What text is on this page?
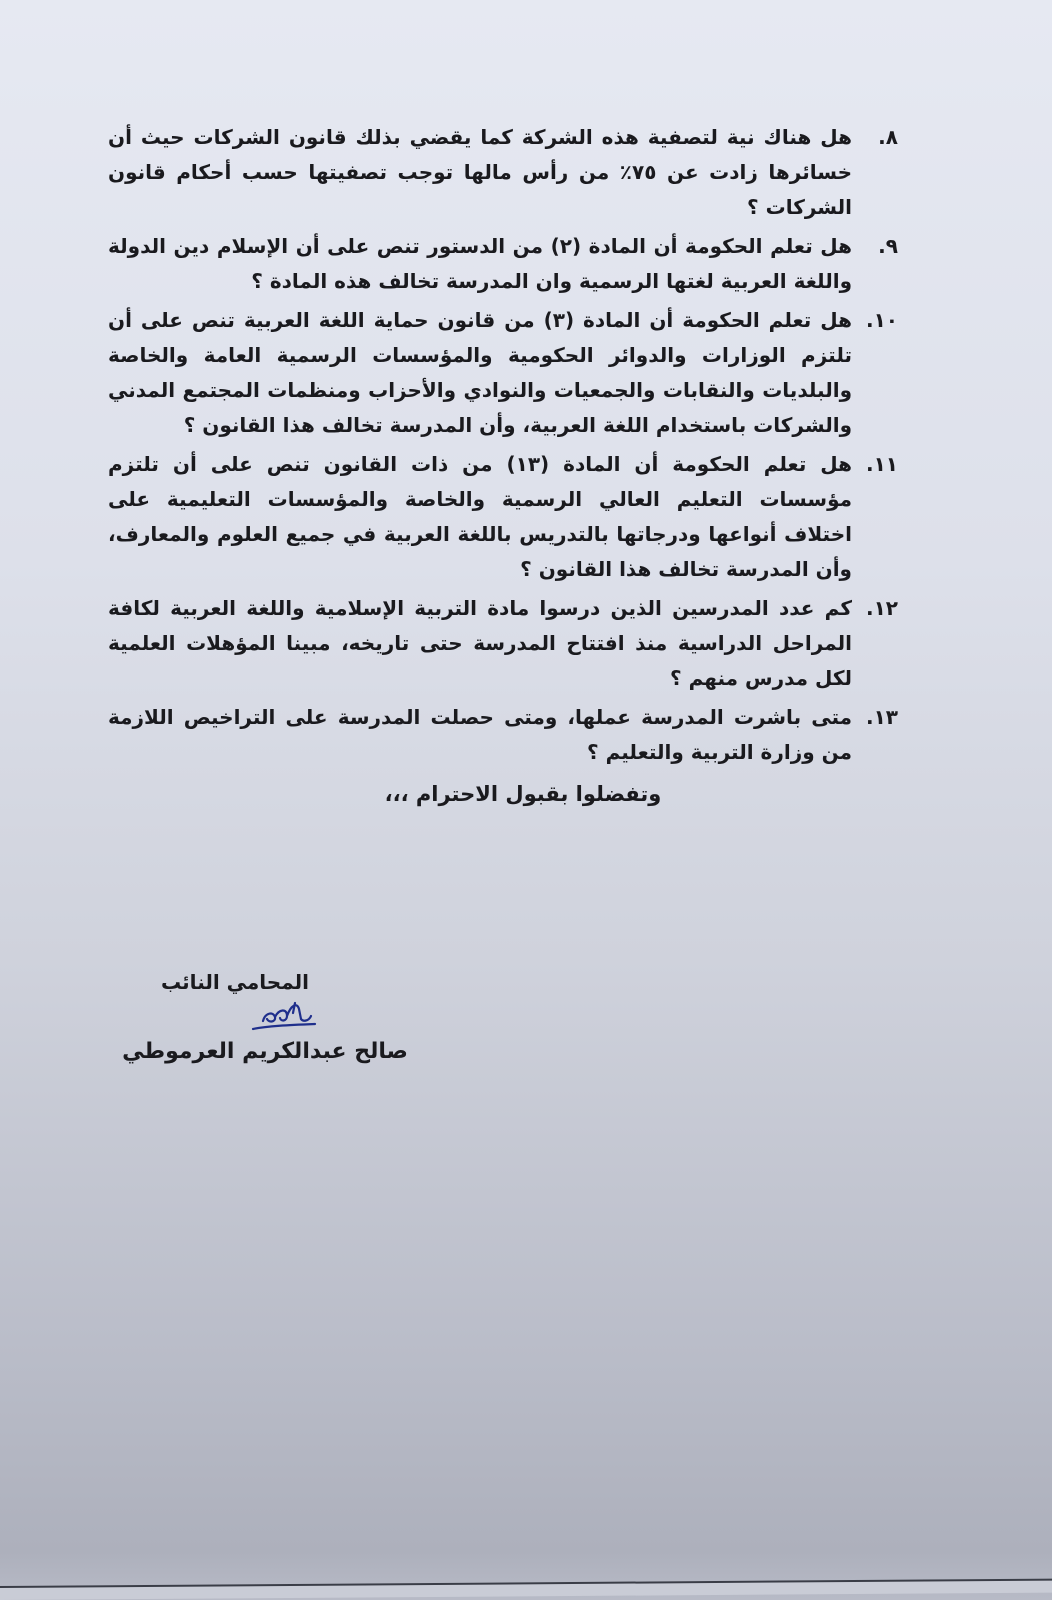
٨.
هل هناك نية لتصفية هذه الشركة كما يقضي بذلك قانون الشركات حيث أن خسائرها زادت عن ٧٥٪ من رأس مالها توجب تصفيتها حسب أحكام قانون الشركات ؟
٩.
هل تعلم الحكومة أن المادة (٢) من الدستور تنص على أن الإسلام دين الدولة واللغة العربية لغتها الرسمية وان المدرسة تخالف هذه المادة ؟
١٠.
هل تعلم الحكومة أن المادة (٣) من قانون حماية اللغة العربية تنص على أن تلتزم الوزارات والدوائر الحكومية والمؤسسات الرسمية العامة والخاصة والبلديات والنقابات والجمعيات والنوادي والأحزاب ومنظمات المجتمع المدني والشركات باستخدام اللغة العربية، وأن المدرسة تخالف هذا القانون ؟
١١.
هل تعلم الحكومة أن المادة (١٣) من ذات القانون تنص على أن تلتزم مؤسسات التعليم العالي الرسمية والخاصة والمؤسسات التعليمية على اختلاف أنواعها ودرجاتها بالتدريس باللغة العربية في جميع العلوم والمعارف، وأن المدرسة تخالف هذا القانون ؟
١٢.
كم عدد المدرسين الذين درسوا مادة التربية الإسلامية واللغة العربية لكافة المراحل الدراسية منذ افتتاح المدرسة حتى تاريخه، مبينا المؤهلات العلمية لكل مدرس منهم ؟
١٣.
متى باشرت المدرسة عملها، ومتى حصلت المدرسة على التراخيص اللازمة من وزارة التربية والتعليم ؟
وتفضلوا بقبول الاحترام ،،،
المحامي النائب
صالح عبدالكريم العرموطي
